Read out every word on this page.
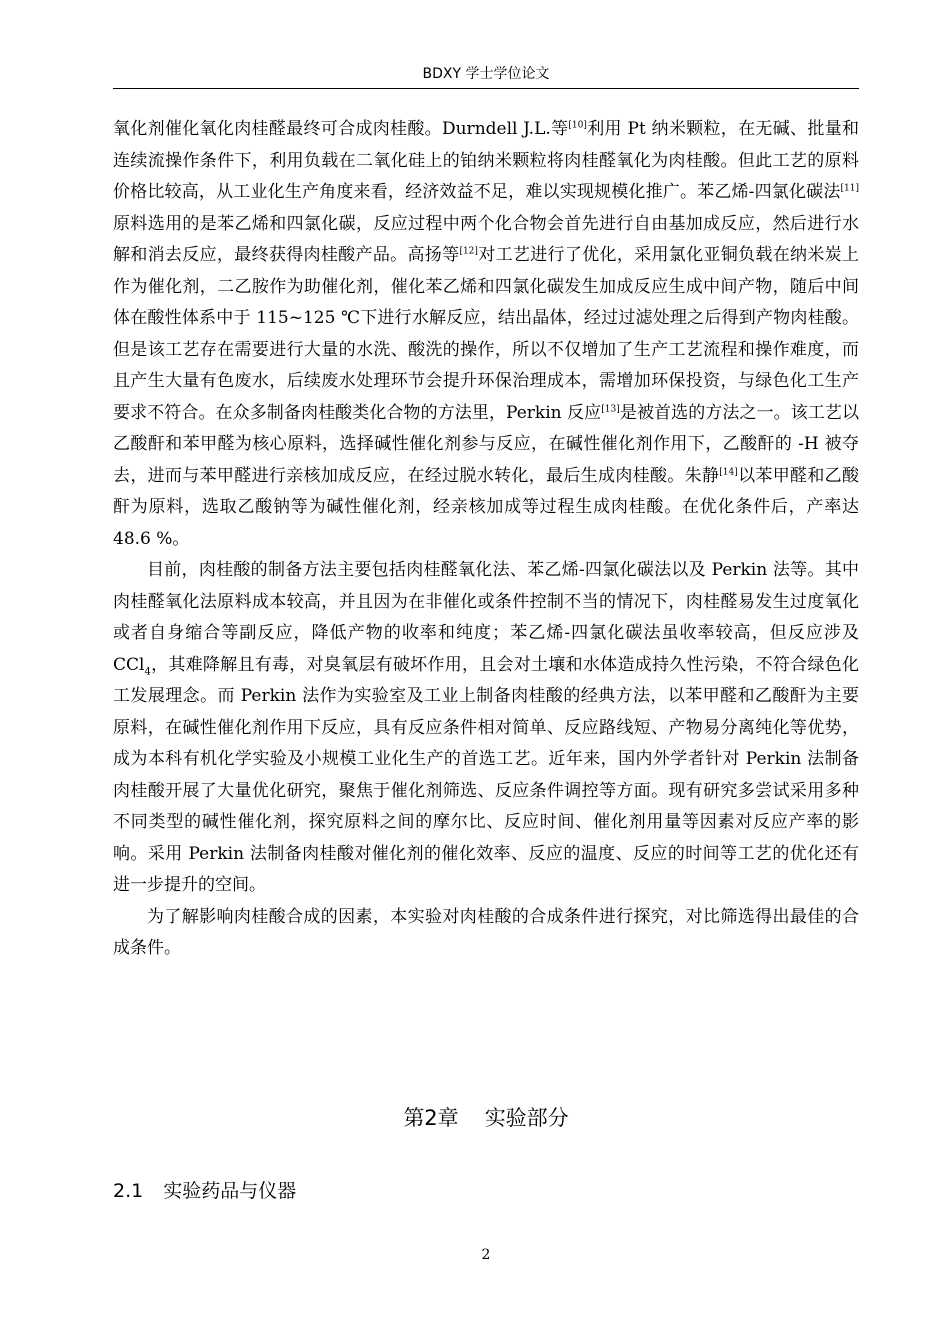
BDXY 学士学位论文

氧化剂催化氧化肉桂醛最终可合成肉桂酸。Durndell J.L.等[10]利用 Pt 纳米颗粒，在无碱、批量和连续流操作条件下，利用负载在二氧化硅上的铂纳米颗粒将肉桂醛氧化为肉桂酸。但此工艺的原料价格比较高，从工业化生产角度来看，经济效益不足，难以实现规模化推广。苯乙烯-四氯化碳法[11]原料选用的是苯乙烯和四氯化碳，反应过程中两个化合物会首先进行自由基加成反应，然后进行水解和消去反应，最终获得肉桂酸产品。高扬等[12]对工艺进行了优化，采用氯化亚铜负载在纳米炭上作为催化剂，二乙胺作为助催化剂，催化苯乙烯和四氯化碳发生加成反应生成中间产物，随后中间体在酸性体系中于 115~125 ℃下进行水解反应，结出晶体，经过过滤处理之后得到产物肉桂酸。但是该工艺存在需要进行大量的水洗、酸洗的操作，所以不仅增加了生产工艺流程和操作难度，而且产生大量有色废水，后续废水处理环节会提升环保治理成本，需增加环保投资，与绿色化工生产要求不符合。在众多制备肉桂酸类化合物的方法里，Perkin 反应[13]是被首选的方法之一。该工艺以乙酸酐和苯甲醛为核心原料，选择碱性催化剂参与反应，在碱性催化剂作用下，乙酸酐的 -H 被夺去，进而与苯甲醛进行亲核加成反应，在经过脱水转化，最后生成肉桂酸。朱静[14]以苯甲醛和乙酸酐为原料，选取乙酸钠等为碱性催化剂，经亲核加成等过程生成肉桂酸。在优化条件后，产率达 48.6 %。

目前，肉桂酸的制备方法主要包括肉桂醛氧化法、苯乙烯-四氯化碳法以及 Perkin 法等。其中肉桂醛氧化法原料成本较高，并且因为在非催化或条件控制不当的情况下，肉桂醛易发生过度氧化或者自身缩合等副反应，降低产物的收率和纯度；苯乙烯-四氯化碳法虽收率较高，但反应涉及 CCl$_4$，其难降解且有毒，对臭氧层有破坏作用，且会对土壤和水体造成持久性污染，不符合绿色化工发展理念。而 Perkin 法作为实验室及工业上制备肉桂酸的经典方法，以苯甲醛和乙酸酐为主要原料，在碱性催化剂作用下反应，具有反应条件相对简单、反应路线短、产物易分离纯化等优势，成为本科有机化学实验及小规模工业化生产的首选工艺。近年来，国内外学者针对 Perkin 法制备肉桂酸开展了大量优化研究，聚焦于催化剂筛选、反应条件调控等方面。现有研究多尝试采用多种不同类型的碱性催化剂，探究原料之间的摩尔比、反应时间、催化剂用量等因素对反应产率的影响。采用 Perkin 法制备肉桂酸对催化剂的催化效率、反应的温度、反应的时间等工艺的优化还有进一步提升的空间。

为了解影响肉桂酸合成的因素，本实验对肉桂酸的合成条件进行探究，对比筛选得出最佳的合成条件。

第2章 实验部分
2.1 实验药品与仪器
2
